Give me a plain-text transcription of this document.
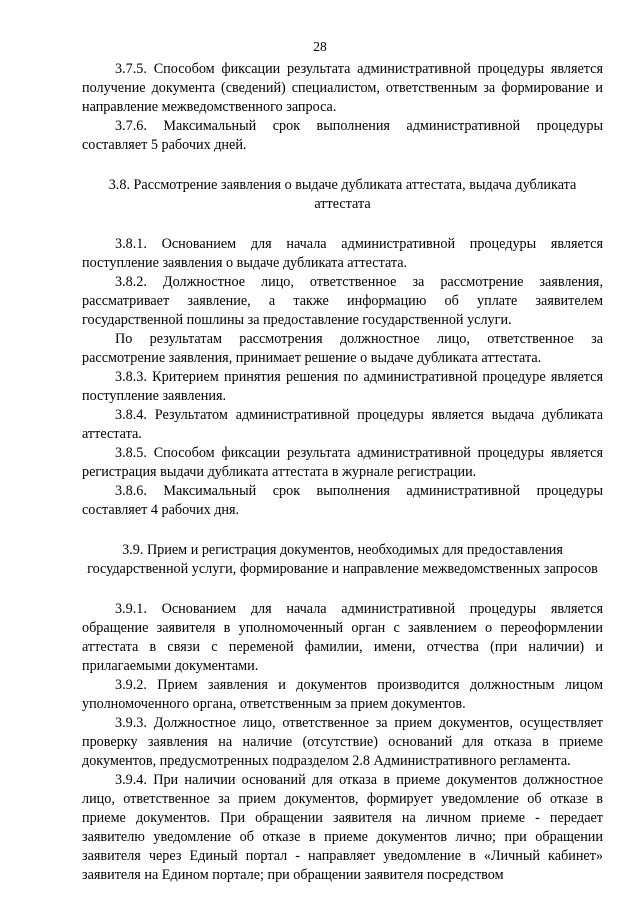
28

3.7.5. Способом фиксации результата административной процедуры является получение документа (сведений) специалистом, ответственным за формирование и направление межведомственного запроса.

3.7.6. Максимальный срок выполнения административной процедуры составляет 5 рабочих дней.

3.8. Рассмотрение заявления о выдаче дубликата аттестата, выдача дубликата аттестата

3.8.1. Основанием для начала административной процедуры является поступление заявления о выдаче дубликата аттестата.

3.8.2. Должностное лицо, ответственное за рассмотрение заявления, рассматривает заявление, а также информацию об уплате заявителем государственной пошлины за предоставление государственной услуги.

По результатам рассмотрения должностное лицо, ответственное за рассмотрение заявления, принимает решение о выдаче дубликата аттестата.

3.8.3. Критерием принятия решения по административной процедуре является поступление заявления.

3.8.4. Результатом административной процедуры является выдача дубликата аттестата.

3.8.5. Способом фиксации результата административной процедуры является регистрация выдачи дубликата аттестата в журнале регистрации.

3.8.6. Максимальный срок выполнения административной процедуры составляет 4 рабочих дня.

3.9. Прием и регистрация документов, необходимых для предоставления государственной услуги, формирование и направление межведомственных запросов

3.9.1. Основанием для начала административной процедуры является обращение заявителя в уполномоченный орган с заявлением о переоформлении аттестата в связи с переменой фамилии, имени, отчества (при наличии) и прилагаемыми документами.

3.9.2. Прием заявления и документов производится должностным лицом уполномоченного органа, ответственным за прием документов.

3.9.3. Должностное лицо, ответственное за прием документов, осуществляет проверку заявления на наличие (отсутствие) оснований для отказа в приеме документов, предусмотренных подразделом 2.8 Административного регламента.

3.9.4. При наличии оснований для отказа в приеме документов должностное лицо, ответственное за прием документов, формирует уведомление об отказе в приеме документов. При обращении заявителя на личном приеме - передает заявителю уведомление об отказе в приеме документов лично; при обращении заявителя через Единый портал - направляет уведомление в «Личный кабинет» заявителя на Едином портале; при обращении заявителя посредством
